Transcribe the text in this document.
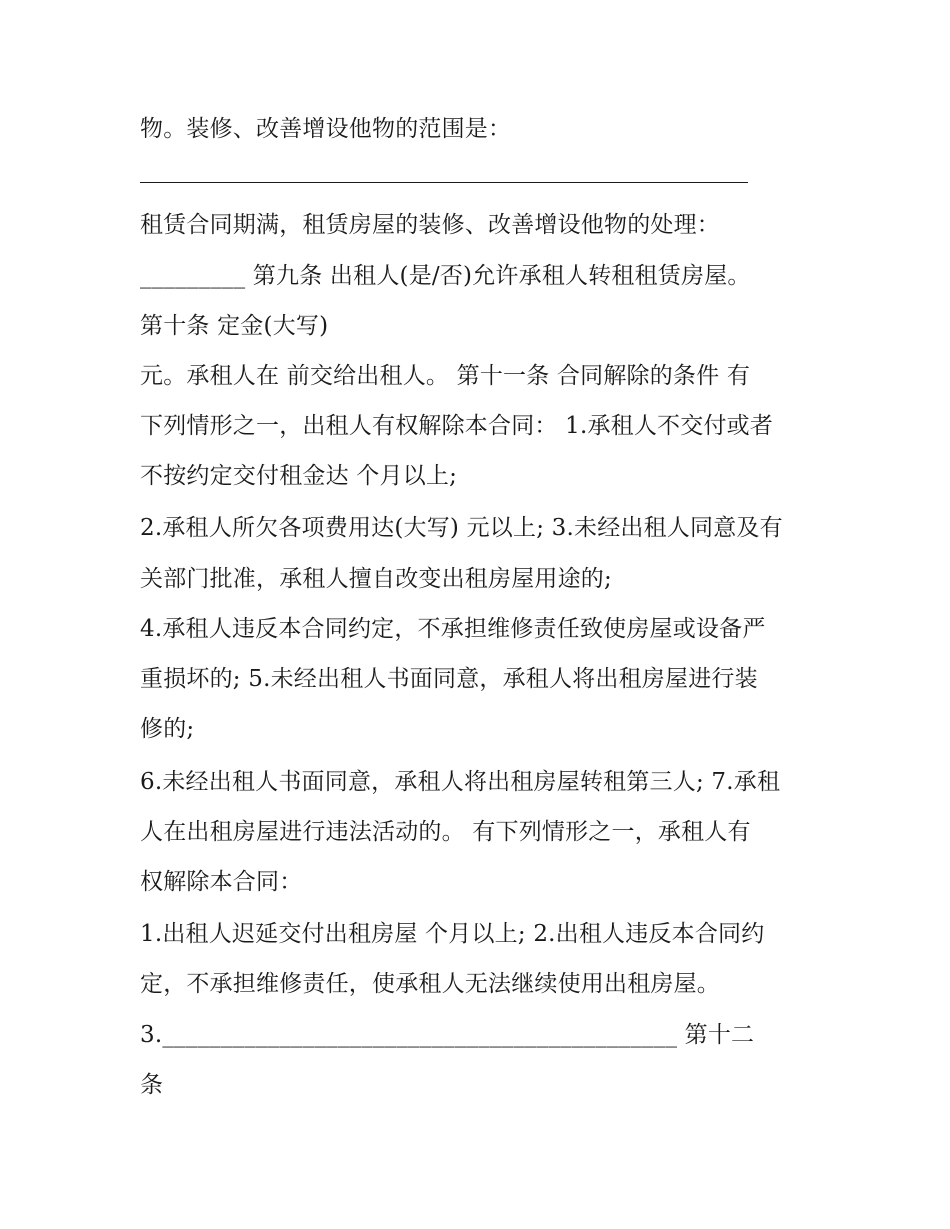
物。装修、改善增设他物的范围是：
租赁合同期满，租赁房屋的装修、改善增设他物的处理：
_________ 第九条 出租人(是/否)允许承租人转租租赁房屋。
第十条 定金(大写)
元。承租人在 前交给出租人。 第十一条 合同解除的条件 有
下列情形之一，出租人有权解除本合同： 1.承租人不交付或者
不按约定交付租金达 个月以上;
2.承租人所欠各项费用达(大写) 元以上; 3.未经出租人同意及有
关部门批准，承租人擅自改变出租房屋用途的;
4.承租人违反本合同约定，不承担维修责任致使房屋或设备严
重损坏的; 5.未经出租人书面同意，承租人将出租房屋进行装
修的;
6.未经出租人书面同意，承租人将出租房屋转租第三人; 7.承租
人在出租房屋进行违法活动的。 有下列情形之一，承租人有
权解除本合同：
1.出租人迟延交付出租房屋 个月以上; 2.出租人违反本合同约
定，不承担维修责任，使承租人无法继续使用出租房屋。
3.____________________________________________ 第十二
条
